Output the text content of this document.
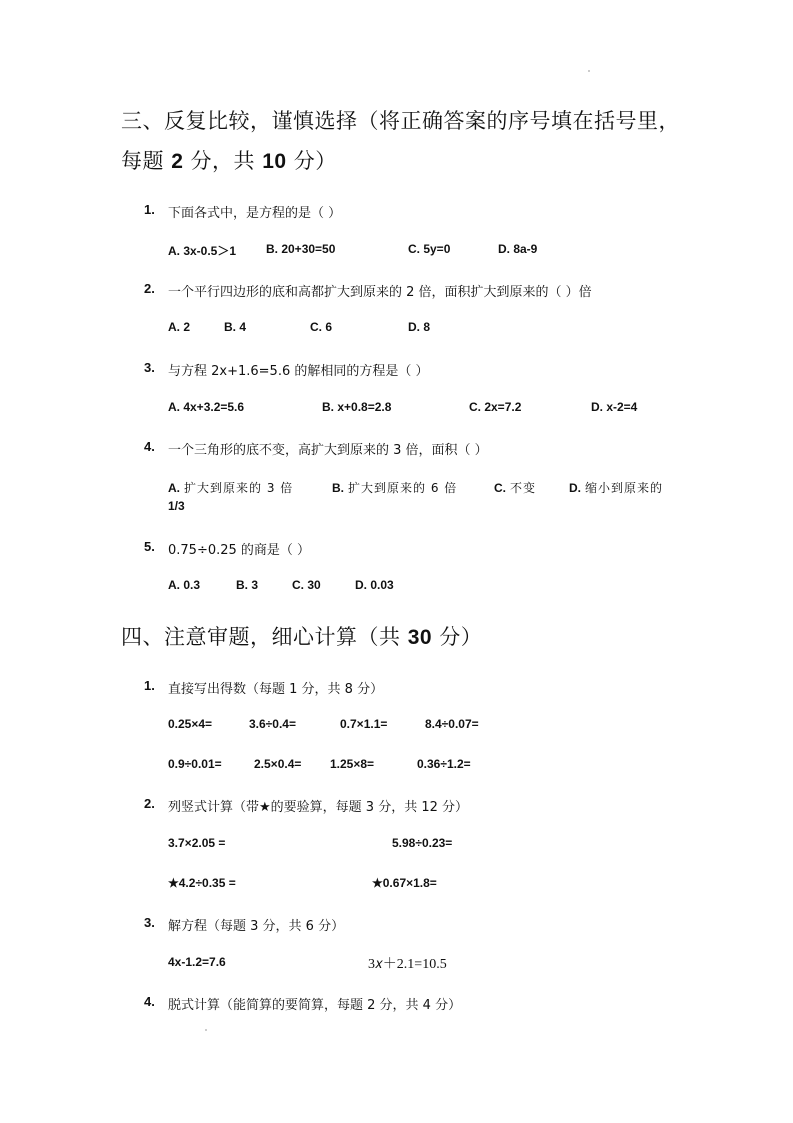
三、反复比较，谨慎选择（将正确答案的序号填在括号里，
每题 2 分，共 10 分）
1. 下面各式中，是方程的是（ ）
A. 3x-0.5＞1 B. 20+30=50	C. 5y=0	D. 8a-9
2. 一个平行四边形的底和高都扩大到原来的 2 倍，面积扩大到原来的（ ）倍
A. 2	B. 4	C. 6	D. 8
3. 与方程 2x+1.6=5.6 的解相同的方程是（ ）
A. 4x+3.2=5.6	B. x+0.8=2.8	C. 2x=7.2	D. x-2=4
4. 一个三角形的底不变，高扩大到原来的 3 倍，面积（ ）
A. 扩大到原来的 3 倍	B. 扩大到原来的 6 倍	C. 不变	D. 缩小到原来的
1/3
5. 0.75÷0.25 的商是（ ）
A. 0.3	B. 3	C. 30	D. 0.03
四、注意审题，细心计算（共 30 分）
1. 直接写出得数（每题 1 分，共 8 分）
0.25×4=	3.6÷0.4=	0.7×1.1=	8.4÷0.07=
0.9÷0.01=	2.5×0.4= 1.25×8=	0.36÷1.2=
2. 列竖式计算（带★的要验算，每题 3 分，共 12 分）
3.7×2.05 =	5.98÷0.23=
★4.2÷0.35 =	★0.67×1.8=
3. 解方程（每题 3 分，共 6 分）
4x-1.2=7.6	3𝑥＋2.1=10.5
4. 脱式计算（能简算的要简算，每题 2 分，共 4 分）
